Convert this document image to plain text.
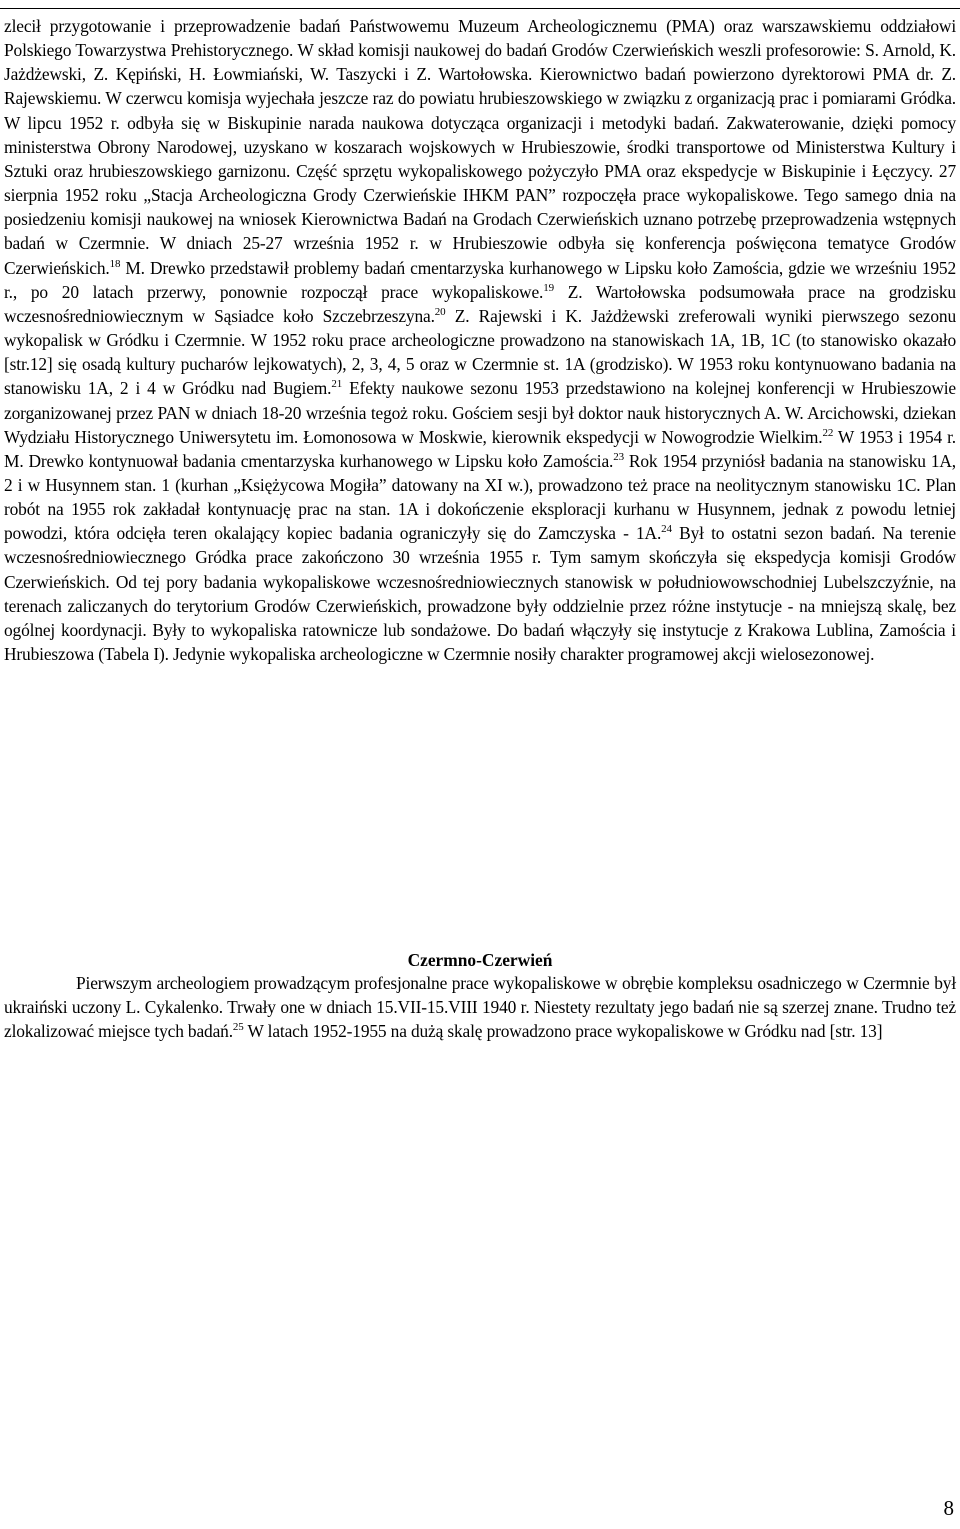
zlecił przygotowanie i przeprowadzenie badań Państwowemu Muzeum Archeologicznemu (PMA) oraz warszawskiemu oddziałowi Polskiego Towarzystwa Prehistorycznego. W skład komisji naukowej do badań Grodów Czerwieńskich weszli profesorowie: S. Arnold, K. Jażdżewski, Z. Kępiński, H. Łowmiański, W. Taszycki i Z. Wartołowska. Kierownictwo badań powierzono dyrektorowi PMA dr. Z. Rajewskiemu. W czerwcu komisja wyjechała jeszcze raz do powiatu hrubieszowskiego w związku z organizacją prac i pomiarami Gródka. W lipcu 1952 r. odbyła się w Biskupinie narada naukowa dotycząca organizacji i metodyki badań. Zakwaterowanie, dzięki pomocy ministerstwa Obrony Narodowej, uzyskano w koszarach wojskowych w Hrubieszowie, środki transportowe od Ministerstwa Kultury i Sztuki oraz hrubieszowskiego garnizonu. Część sprzętu wykopaliskowego pożyczyło PMA oraz ekspedycje w Biskupinie i Łęczycy. 27 sierpnia 1952 roku „Stacja Archeologiczna Grody Czerwieńskie IHKM PAN” rozpoczęła prace wykopaliskowe. Tego samego dnia na posiedzeniu komisji naukowej na wniosek Kierownictwa Badań na Grodach Czerwieńskich uznano potrzebę przeprowadzenia wstępnych badań w Czermnie. W dniach 25-27 września 1952 r. w Hrubieszowie odbyła się konferencja poświęcona tematyce Grodów Czerwieńskich.$^{18}$ M. Drewko przedstawił problemy badań cmentarzyska kurhanowego w Lipsku koło Zamościa, gdzie we wrześniu 1952 r., po 20 latach przerwy, ponownie rozpoczął prace wykopaliskowe.$^{19}$ Z. Wartołowska podsumowała prace na grodzisku wczesnośredniowiecznym w Sąsiadce koło Szczebrzeszyna.$^{20}$ Z. Rajewski i K. Jażdżewski zreferowali wyniki pierwszego sezonu wykopalisk w Gródku i Czermnie. W 1952 roku prace archeologiczne prowadzono na stanowiskach 1A, 1B, 1C (to stanowisko okazało [str.12] się osadą kultury pucharów lejkowatych), 2, 3, 4, 5 oraz w Czermnie st. 1A (grodzisko). W 1953 roku kontynuowano badania na stanowisku 1A, 2 i 4 w Gródku nad Bugiem.$^{21}$ Efekty naukowe sezonu 1953 przedstawiono na kolejnej konferencji w Hrubieszowie zorganizowanej przez PAN w dniach 18-20 września tegoż roku. Gościem sesji był doktor nauk historycznych A. W. Arcichowski, dziekan Wydziału Historycznego Uniwersytetu im. Łomonosowa w Moskwie, kierownik ekspedycji w Nowogrodzie Wielkim.$^{22}$ W 1953 i 1954 r. M. Drewko kontynuował badania cmentarzyska kurhanowego w Lipsku koło Zamościa.$^{23}$ Rok 1954 przyniósł badania na stanowisku 1A, 2 i w Husynnem stan. 1 (kurhan „Księżycowa Mogiła” datowany na XI w.), prowadzono też prace na neolitycznym stanowisku 1C. Plan robót na 1955 rok zakładał kontynuację prac na stan. 1A i dokończenie eksploracji kurhanu w Husynnem, jednak z powodu letniej powodzi, która odcięła teren okalający kopiec badania ograniczyły się do Zamczyska - 1A.$^{24}$ Był to ostatni sezon badań. Na terenie wczesnośredniowiecznego Gródka prace zakończono 30 września 1955 r. Tym samym skończyła się ekspedycja komisji Grodów Czerwieńskich. Od tej pory badania wykopaliskowe wczesnośredniowiecznych stanowisk w południowowschodniej Lubelszczyźnie, na terenach zaliczanych do terytorium Grodów Czerwieńskich, prowadzone były oddzielnie przez różne instytucje - na mniejszą skalę, bez ogólnej koordynacji. Były to wykopaliska ratownicze lub sondażowe. Do badań włączyły się instytucje z Krakowa Lublina, Zamościa i Hrubieszowa (Tabela I). Jedynie wykopaliska archeologiczne w Czermnie nosiły charakter programowej akcji wielosezonowej.

Czermno-Czerwień

Pierwszym archeologiem prowadzącym profesjonalne prace wykopaliskowe w obrębie kompleksu osadniczego w Czermnie był ukraiński uczony L. Cykalenko. Trwały one w dniach 15.VII-15.VIII 1940 r. Niestety rezultaty jego badań nie są szerzej znane. Trudno też zlokalizować miejsce tych badań.$^{25}$ W latach 1952-1955 na dużą skalę prowadzono prace wykopaliskowe w Gródku nad [str. 13]

8
